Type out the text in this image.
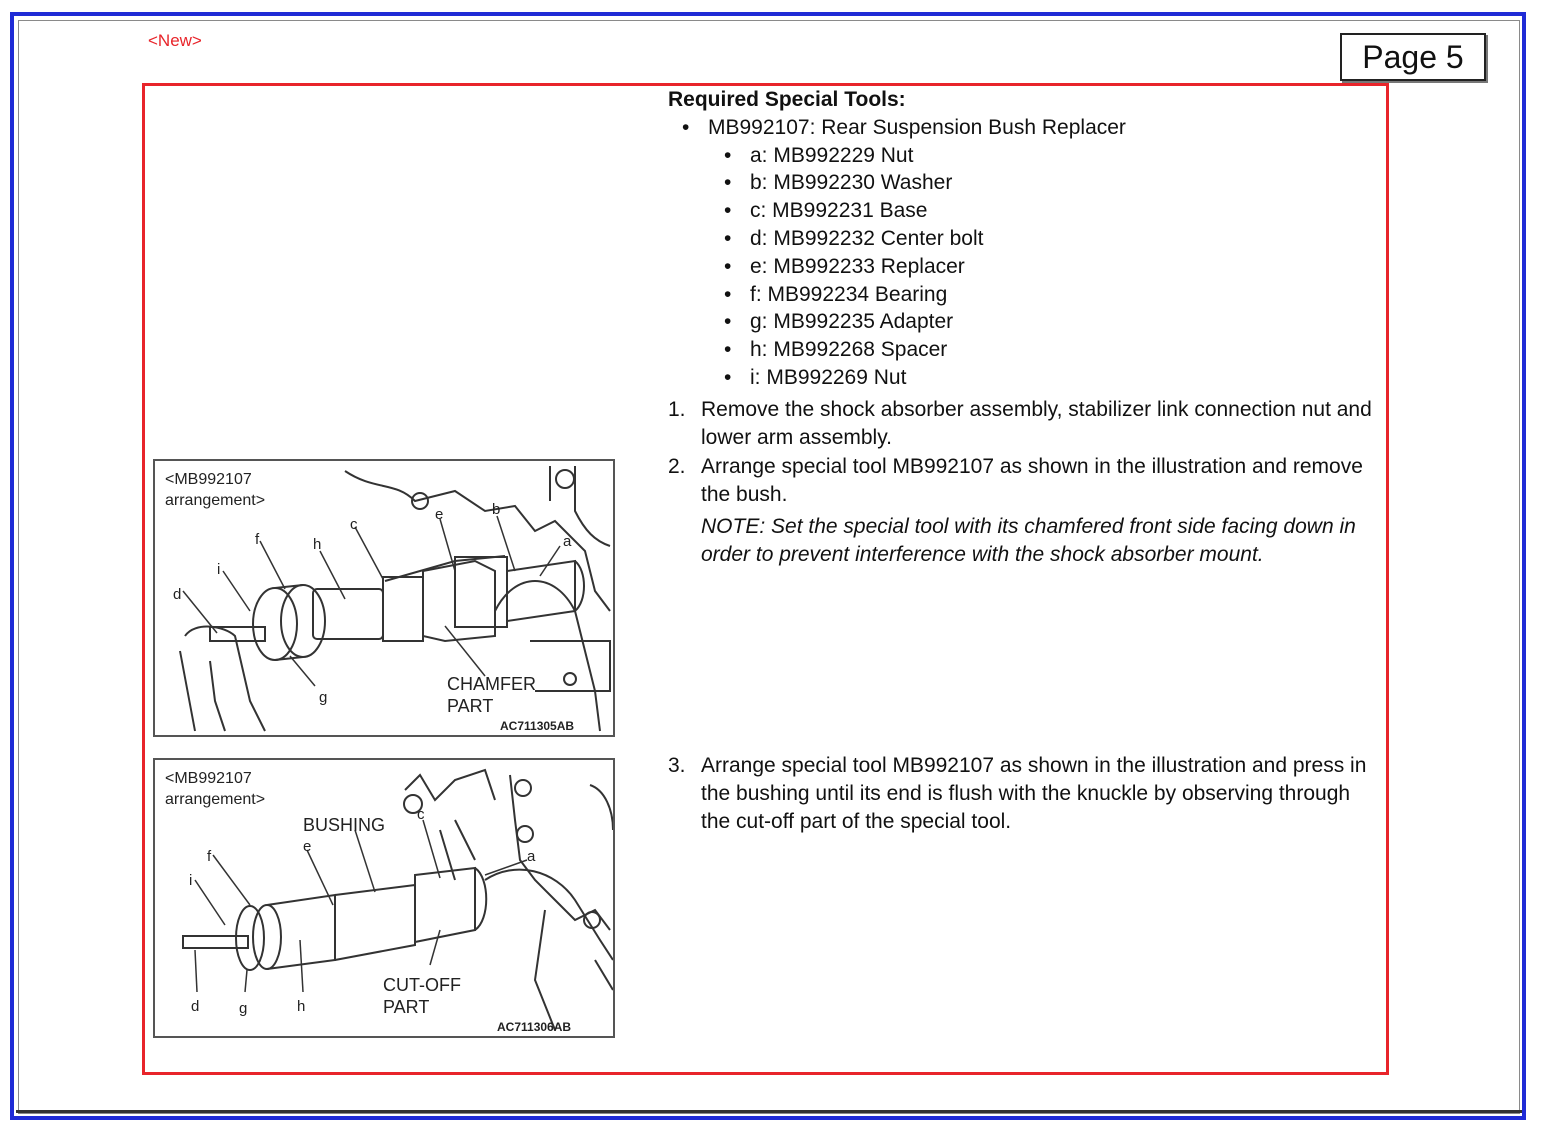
<New>	Page 5
Required Special Tools:
• MB992107: Rear Suspension Bush Replacer
• a: MB992229 Nut
• b: MB992230 Washer
• c: MB992231 Base
• d: MB992232 Center bolt
• e: MB992233 Replacer
• f: MB992234 Bearing
• g: MB992235 Adapter
• h: MB992268 Spacer
• i: MB992269 Nut
1. Remove the shock absorber assembly, stabilizer link connection nut and lower arm assembly.
2. Arrange special tool MB992107 as shown in the illustration and remove the bush.
NOTE: Set the special tool with its chamfered front side facing down in order to prevent interference with the shock absorber mount.
3. Arrange special tool MB992107 as shown in the illustration and press in the bushing until its end is flush with the knuckle by observing through the cut-off part of the special tool.
<MB992107
arrangement>
a
b
c
d
e
f
g
h
i
CHAMFER
PART
AC711305AB
<MB992107
arrangement>
BUSHING
a
c
d
e
f
g	h
i
CUT-OFF
PART
AC711306AB
